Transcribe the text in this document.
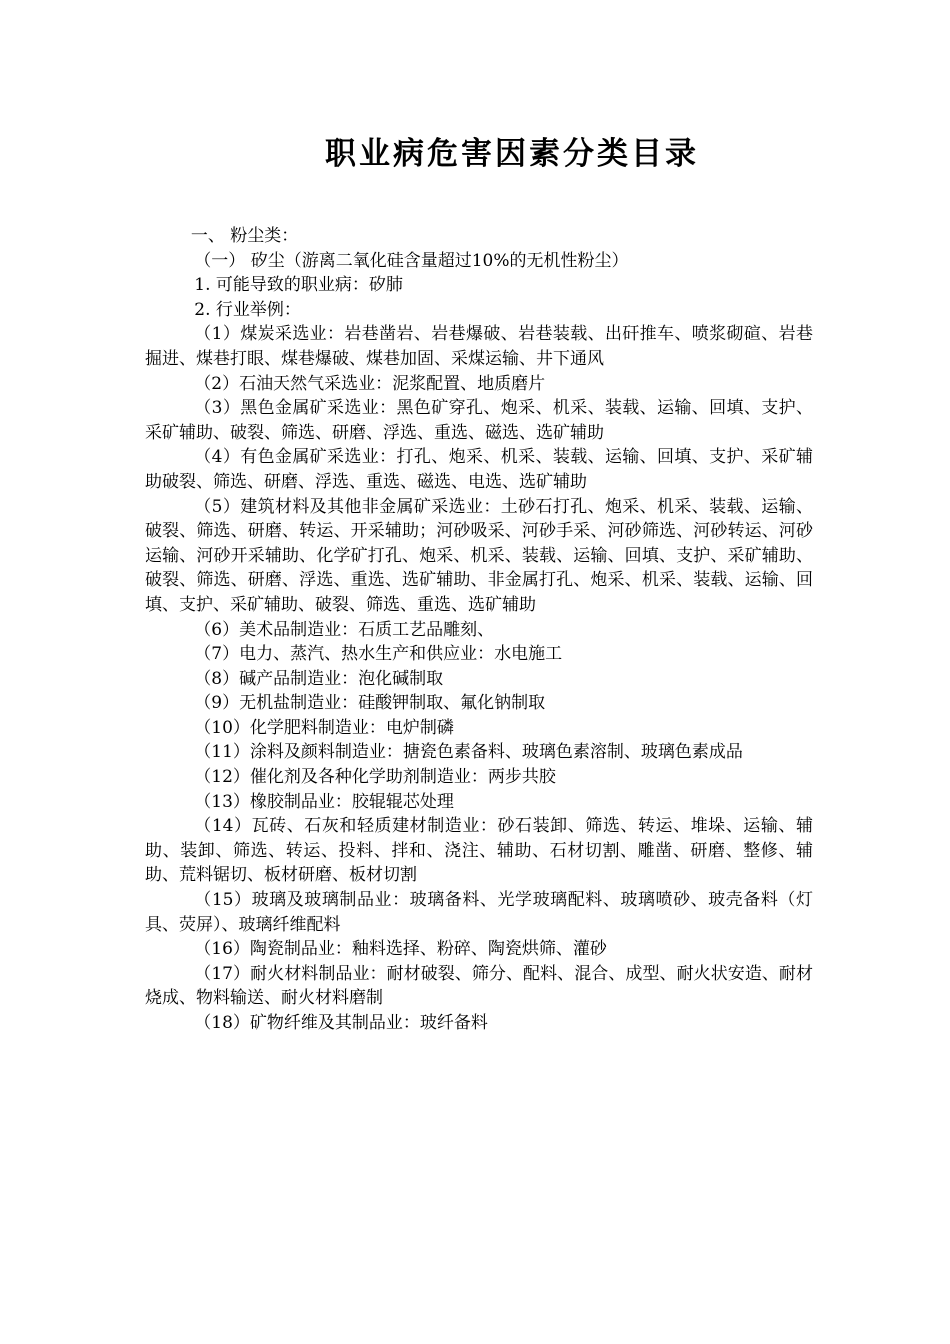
职业病危害因素分类目录

一、 粉尘类：

（一） 矽尘（游离二氧化硅含量超过10%的无机性粉尘）

1. 可能导致的职业病：矽肺

2. 行业举例：

（1）煤炭采选业：岩巷凿岩、岩巷爆破、岩巷装载、出矸推车、喷浆砌碹、岩巷掘进、煤巷打眼、煤巷爆破、煤巷加固、采煤运输、井下通风

（2）石油天然气采选业：泥浆配置、地质磨片

（3）黑色金属矿采选业：黑色矿穿孔、炮采、机采、装载、运输、回填、支护、采矿辅助、破裂、筛选、研磨、浮选、重选、磁选、选矿辅助

（4）有色金属矿采选业：打孔、炮采、机采、装载、运输、回填、支护、采矿辅助破裂、筛选、研磨、浮选、重选、磁选、电选、选矿辅助

（5）建筑材料及其他非金属矿采选业：土砂石打孔、炮采、机采、装载、运输、破裂、筛选、研磨、转运、开采辅助；河砂吸采、河砂手采、河砂筛选、河砂转运、河砂运输、河砂开采辅助、化学矿打孔、炮采、机采、装载、运输、回填、支护、采矿辅助、破裂、筛选、研磨、浮选、重选、选矿辅助、非金属打孔、炮采、机采、装载、运输、回填、支护、采矿辅助、破裂、筛选、重选、选矿辅助

（6）美术品制造业：石质工艺品雕刻、

（7）电力、蒸汽、热水生产和供应业：水电施工

（8）碱产品制造业：泡化碱制取

（9）无机盐制造业：硅酸钾制取、氟化钠制取

（10）化学肥料制造业：电炉制磷

（11）涂料及颜料制造业：搪瓷色素备料、玻璃色素溶制、玻璃色素成品

（12）催化剂及各种化学助剂制造业：两步共胶

（13）橡胶制品业：胶辊辊芯处理

（14）瓦砖、石灰和轻质建材制造业：砂石装卸、筛选、转运、堆垛、运输、辅助、装卸、筛选、转运、投料、拌和、浇注、辅助、石材切割、雕凿、研磨、整修、辅助、荒料锯切、板材研磨、板材切割

（15）玻璃及玻璃制品业：玻璃备料、光学玻璃配料、玻璃喷砂、玻壳备料（灯具、荧屏）、玻璃纤维配料

（16）陶瓷制品业：釉料选择、粉碎、陶瓷烘筛、灌砂

（17）耐火材料制品业：耐材破裂、筛分、配料、混合、成型、耐火状安造、耐材烧成、物料输送、耐火材料磨制

（18）矿物纤维及其制品业：玻纤备料
